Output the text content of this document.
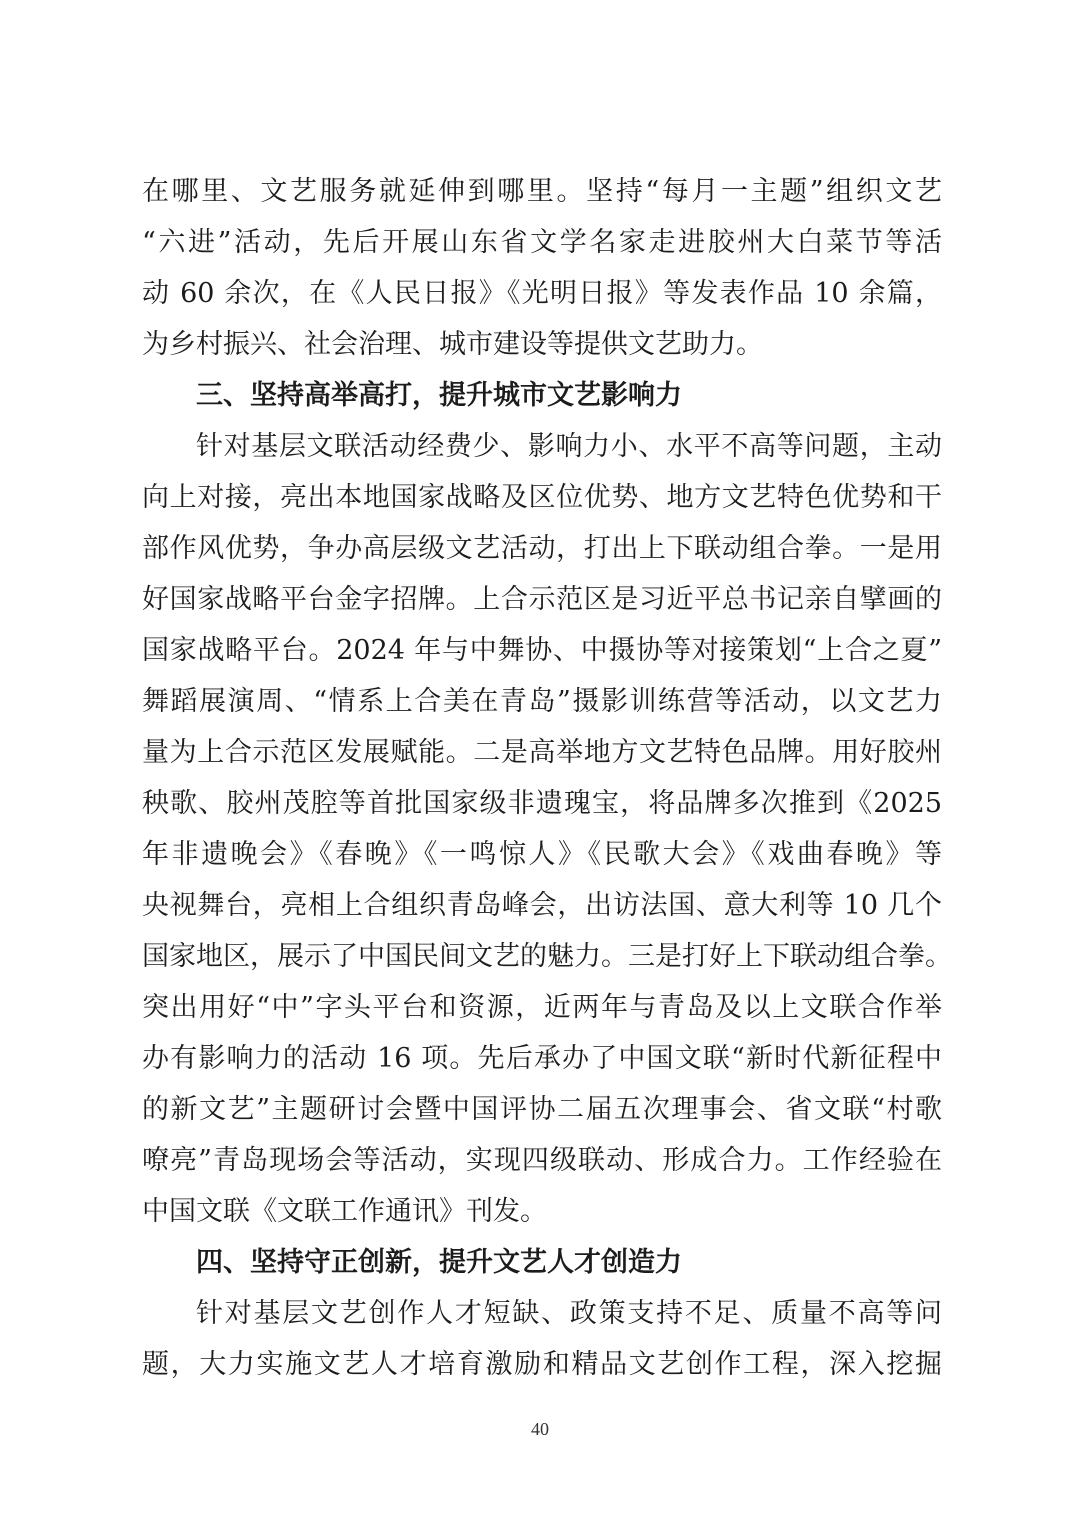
在哪里、文艺服务就延伸到哪里。坚持“每月一主题”组织文艺
“六进”活动，先后开展山东省文学名家走进胶州大白菜节等活
动 60 余次，在《人民日报》《光明日报》等发表作品 10 余篇，
为乡村振兴、社会治理、城市建设等提供文艺助力。
三、坚持高举高打，提升城市文艺影响力
针对基层文联活动经费少、影响力小、水平不高等问题，主动
向上对接，亮出本地国家战略及区位优势、地方文艺特色优势和干
部作风优势，争办高层级文艺活动，打出上下联动组合拳。一是用
好国家战略平台金字招牌。上合示范区是习近平总书记亲自擘画的
国家战略平台。2024 年与中舞协、中摄协等对接策划“上合之夏”
舞蹈展演周、“情系上合美在青岛”摄影训练营等活动，以文艺力
量为上合示范区发展赋能。二是高举地方文艺特色品牌。用好胶州
秧歌、胶州茂腔等首批国家级非遗瑰宝，将品牌多次推到《2025
年非遗晚会》《春晚》《一鸣惊人》《民歌大会》《戏曲春晚》等
央视舞台，亮相上合组织青岛峰会，出访法国、意大利等 10 几个
国家地区，展示了中国民间文艺的魅力。三是打好上下联动组合拳。
突出用好“中”字头平台和资源，近两年与青岛及以上文联合作举
办有影响力的活动 16 项。先后承办了中国文联“新时代新征程中
的新文艺”主题研讨会暨中国评协二届五次理事会、省文联“村歌
嘹亮”青岛现场会等活动，实现四级联动、形成合力。工作经验在
中国文联《文联工作通讯》刊发。
四、坚持守正创新，提升文艺人才创造力
针对基层文艺创作人才短缺、政策支持不足、质量不高等问
题，大力实施文艺人才培育激励和精品文艺创作工程，深入挖掘
40
